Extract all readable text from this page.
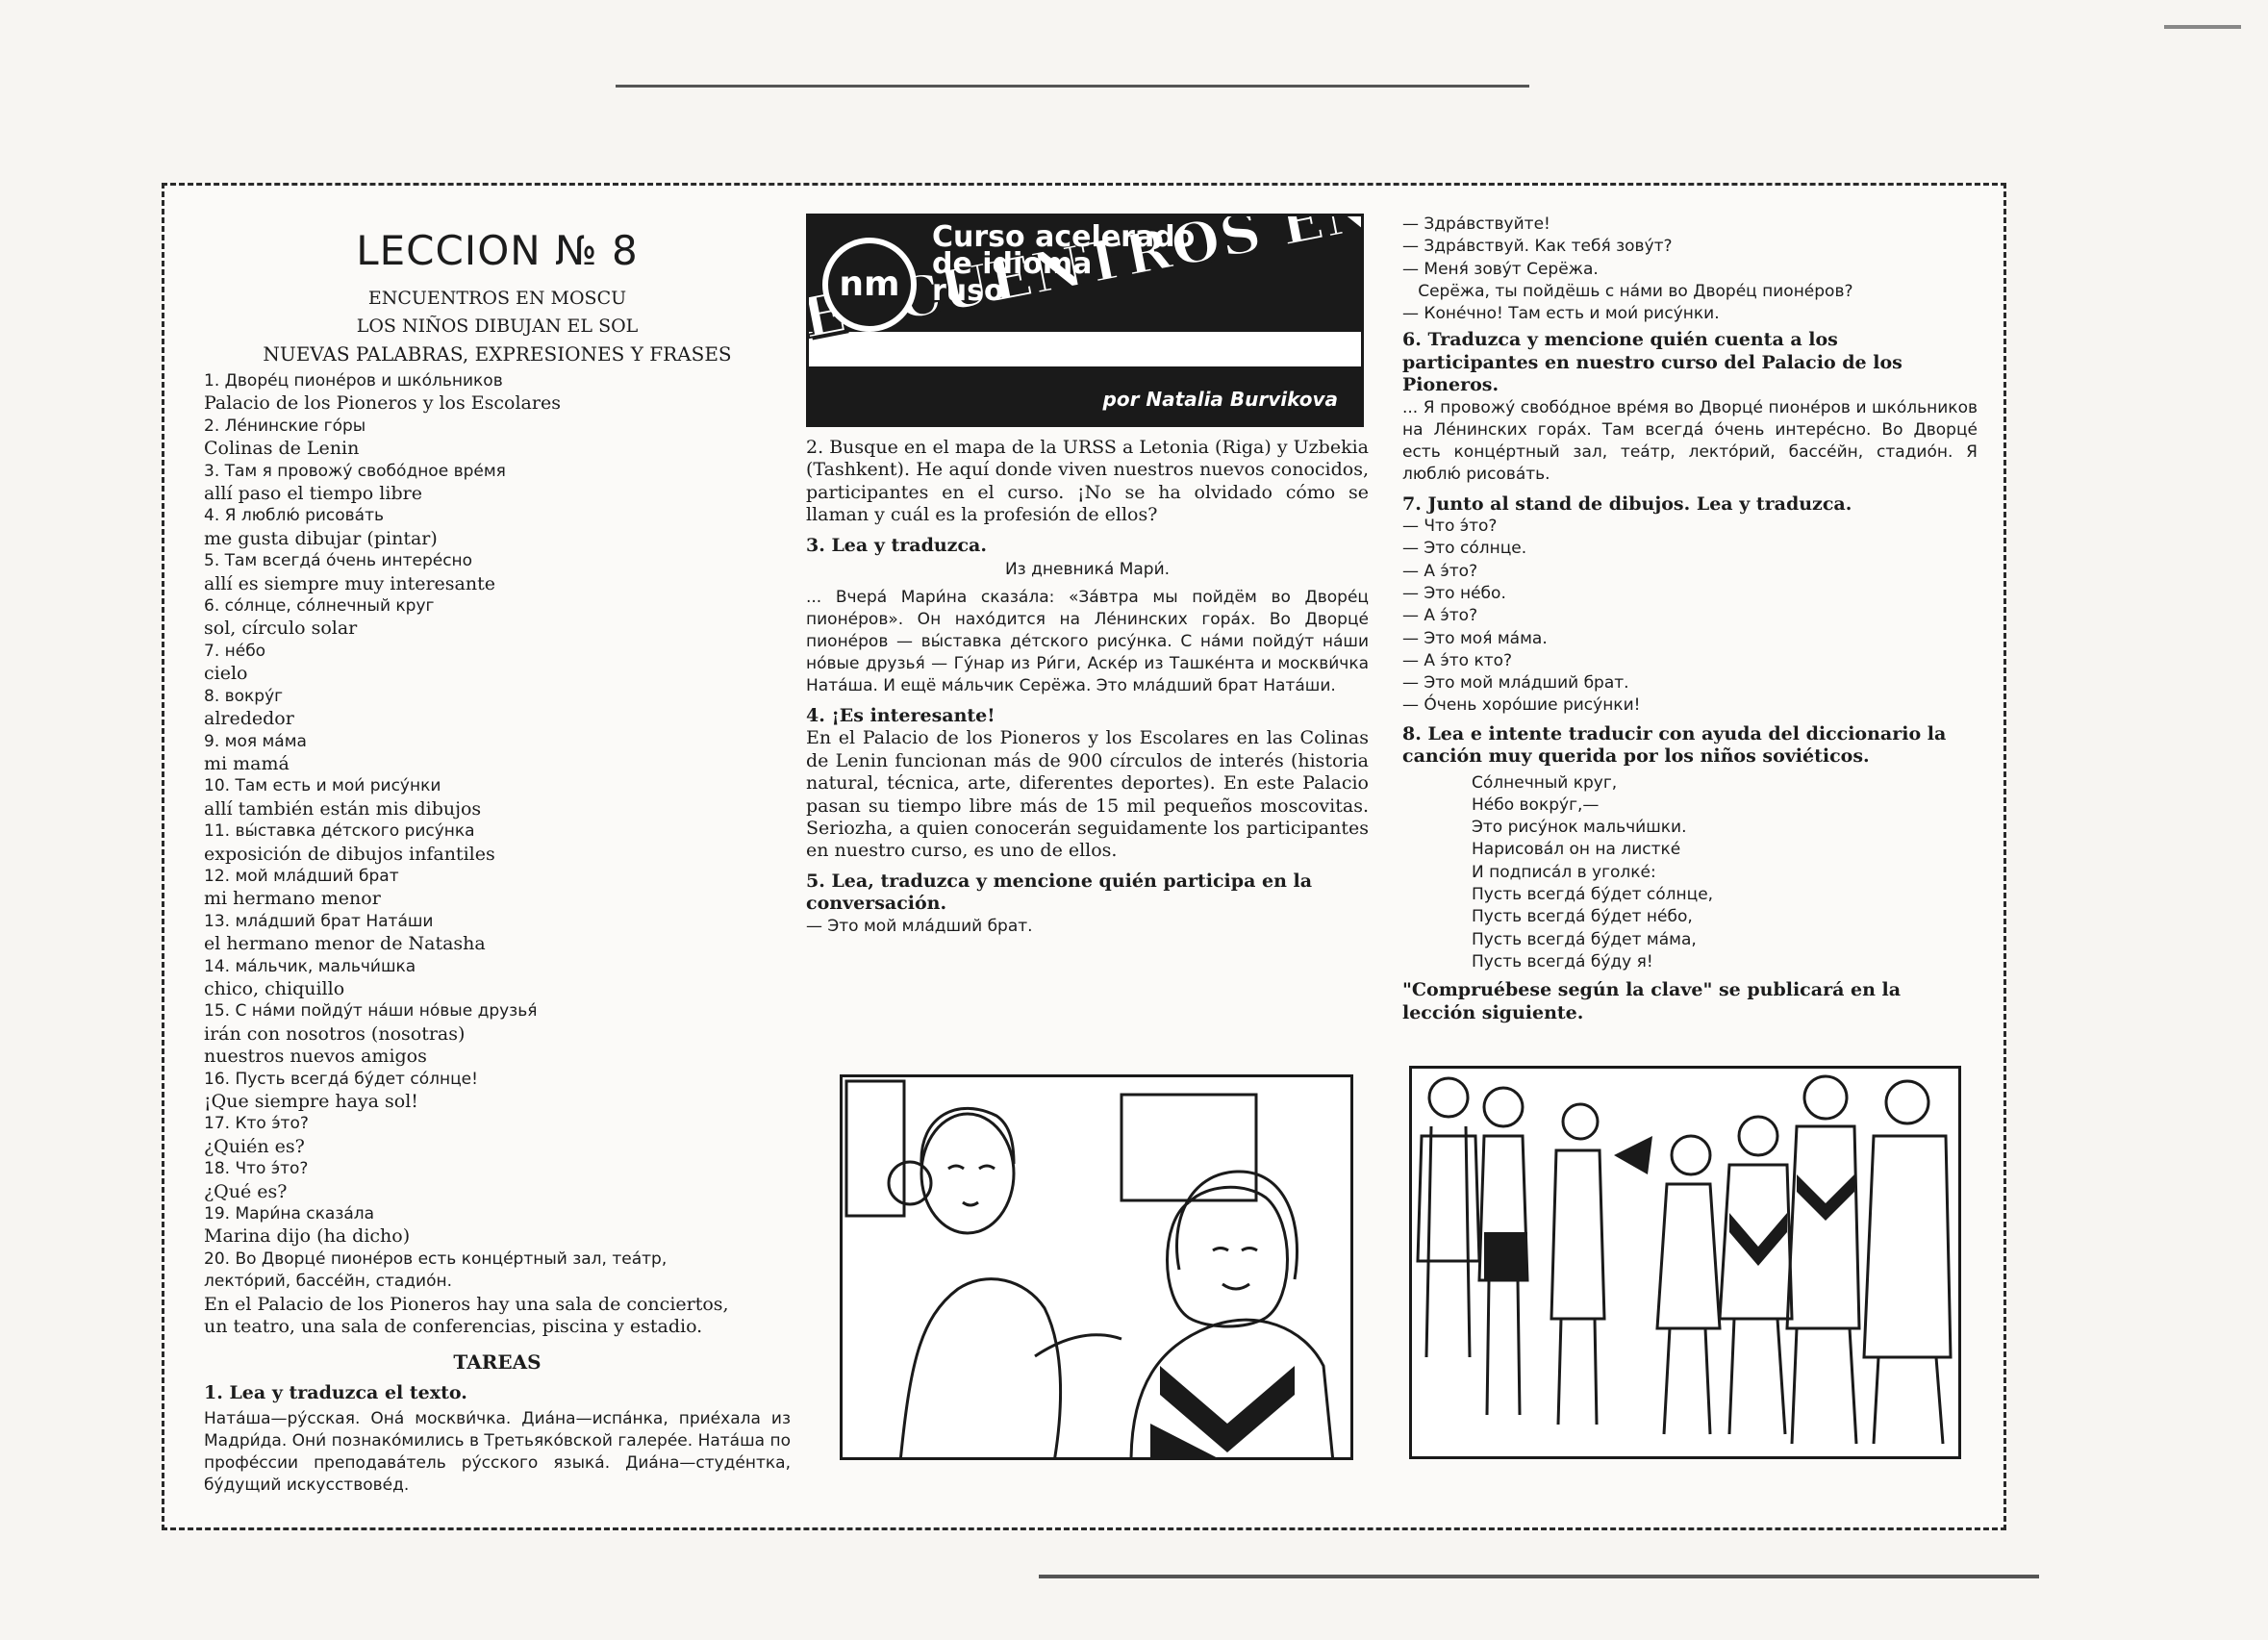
LECCION № 8
ENCUENTROS EN MOSCU
LOS NIÑOS DIBUJAN EL SOL
NUEVAS PALABRAS, EXPRESIONES Y FRASES
1. Дворе́ц пионе́ров и шко́льников
Palacio de los Pioneros y los Escolares
2. Ле́нинские го́ры
Colinas de Lenin
3. Там я провожу́ свобо́дное вре́мя
allí paso el tiempo libre
4. Я люблю́ рисова́ть
me gusta dibujar (pintar)
5. Там всегда́ о́чень интере́сно
allí es siempre muy interesante
6. со́лнце, со́лнечный круг
sol, círculo solar
7. не́бо
cielo
8. вокру́г
alrededor
9. моя ма́ма
mi mamá
10. Там есть и мои́ рису́нки
allí también están mis dibujos
11. вы́ставка де́тского рису́нка
exposición de dibujos infantiles
12. мой мла́дший брат
mi hermano menor
13. мла́дший брат Ната́ши
el hermano menor de Natasha
14. ма́льчик, мальчи́шка
chico, chiquillo
15. С на́ми пойду́т на́ши но́вые друзья́
irán con nosotros (nosotras)
nuestros nuevos amigos
16. Пусть всегда́ бу́дет со́лнце!
¡Que siempre haya sol!
17. Кто э́то?
¿Quién es?
18. Что э́то?
¿Qué es?
19. Мари́на сказа́ла
Marina dijo (ha dicho)
20. Во Дворце́ пионе́ров есть конце́ртный зал, теа́тр,
лекто́рий, бассе́йн, стадио́н.
En el Palacio de los Pioneros hay una sala de conciertos,
un teatro, una sala de conferencias, piscina y estadio.
TAREAS
1. Lea y traduzca el texto.
Ната́ша—ру́сская. Она́ москви́чка. Диа́на—испа́нка, прие́хала из Мадри́да. Они́ познако́мились в Третьяко́вской галере́е. Ната́ша по профе́ссии преподава́тель ру́сского языка́. Диа́на—студе́нтка, бу́дущий искусствове́д.
nm
Curso acelerado
de idioma
ruso
ENCUENTROS
por Natalia Burvikova
2. Busque en el mapa de la URSS a Letonia (Riga) y Uzbekia (Tashkent). He aquí donde viven nuestros nuevos conocidos, participantes en el curso. ¡No se ha olvidado cómo se llaman y cuál es la profesión de ellos?
3. Lea y traduzca.
Из дневника́ Мари́.
... Вчера́ Мари́на сказа́ла: «За́втра мы пойдём во Дворе́ц пионе́ров». Он нахо́дится на Ле́нинских гора́х. Во Дворце́ пионе́ров — вы́ставка де́тского рису́нка. С на́ми пойду́т на́ши но́вые друзья́ — Гу́нар из Ри́ги, Аске́р из Ташке́нта и москви́чка Ната́ша. И ещё ма́льчик Серёжа. Это мла́дший брат Ната́ши.
4. ¡Es interesante!
En el Palacio de los Pioneros y los Escolares en las Colinas de Lenin funcionan más de 900 círculos de interés (historia natural, técnica, arte, diferentes deportes). En este Palacio pasan su tiempo libre más de 15 mil pequeños moscovitas. Seriozha, a quien conocerán seguidamente los participantes en nuestro curso, es uno de ellos.
5. Lea, traduzca y mencione quién participa en la conversación.
— Это мой мла́дший брат.
— Здра́вствуйте!
— Здра́вствуй. Как тебя́ зову́т?
— Меня́ зову́т Серёжа.
Серёжа, ты пойдёшь с на́ми во Дворе́ц пионе́ров?
— Коне́чно! Там есть и мои́ рису́нки.
6. Traduzca y mencione quién cuenta a los participantes en nuestro curso del Palacio de los Pioneros.
... Я провожу́ свобо́дное вре́мя во Дворце́ пионе́ров и шко́льников на Ле́нинских гора́х. Там всегда́ о́чень интере́сно. Во Дворце́ есть конце́ртный зал, теа́тр, лекто́рий, бассе́йн, стадио́н. Я люблю́ рисова́ть.
7. Junto al stand de dibujos. Lea y traduzca.
— Что э́то?
— Это со́лнце.
— А э́то?
— Это не́бо.
— А э́то?
— Это моя́ ма́ма.
— А э́то кто?
— Это мой мла́дший брат.
— О́чень хоро́шие рису́нки!
8. Lea e intente traducir con ayuda del diccionario la canción muy querida por los niños soviéticos.
Со́лнечный круг,
Не́бо вокру́г,—
Это рису́нок мальчи́шки.
Нарисова́л он на листке́
И подписа́л в уголке́:
Пусть всегда́ бу́дет со́лнце,
Пусть всегда́ бу́дет не́бо,
Пусть всегда́ бу́дет ма́ма,
Пусть всегда́ бу́ду я!
"Compruébese según la clave" se publicará en la lección siguiente.
